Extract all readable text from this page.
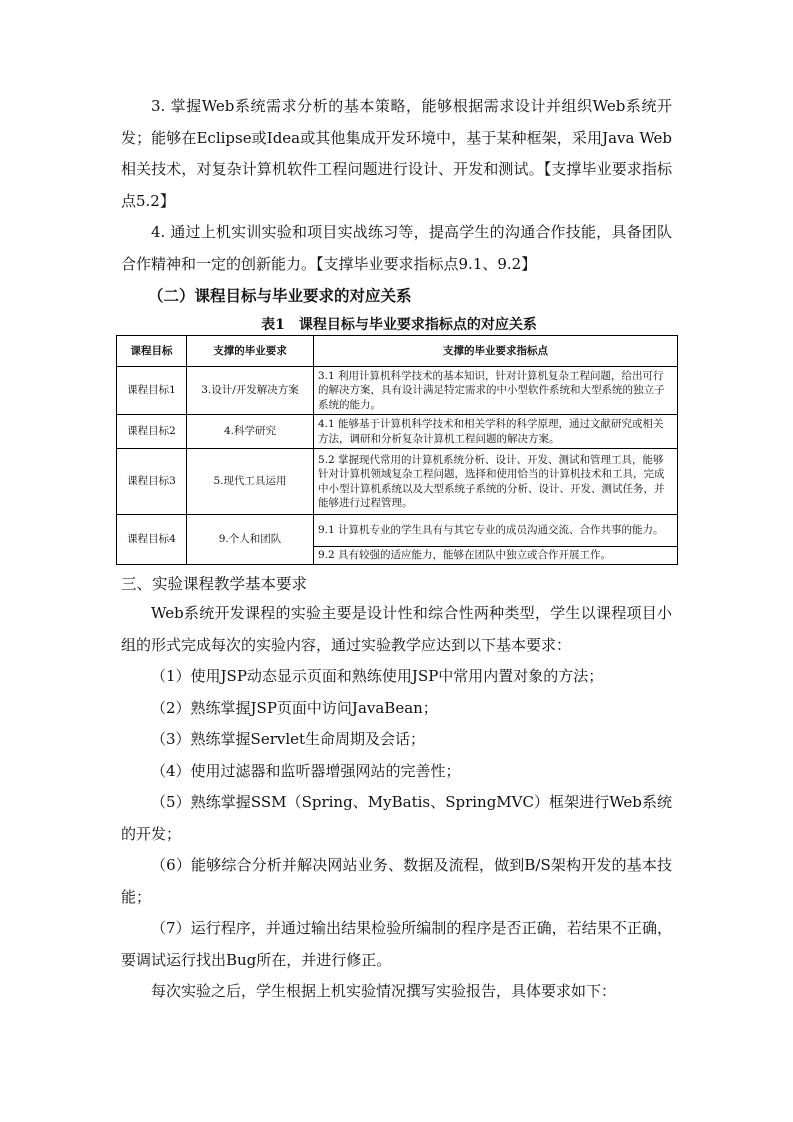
3. 掌握Web系统需求分析的基本策略，能够根据需求设计并组织Web系统开发；能够在Eclipse或Idea或其他集成开发环境中，基于某种框架，采用Java Web相关技术，对复杂计算机软件工程问题进行设计、开发和测试。【支撑毕业要求指标点5.2】

4. 通过上机实训实验和项目实战练习等，提高学生的沟通合作技能，具备团队合作精神和一定的创新能力。【支撑毕业要求指标点9.1、9.2】

（二）课程目标与毕业要求的对应关系

表1　课程目标与毕业要求指标点的对应关系
课程目标	支撑的毕业要求	支撑的毕业要求指标点
课程目标1	3.设计/开发解决方案	3.1 利用计算机科学技术的基本知识，针对计算机复杂工程问题，给出可行的解决方案，具有设计满足特定需求的中小型软件系统和大型系统的独立子系统的能力。
课程目标2	4.科学研究	4.1 能够基于计算机科学技术和相关学科的科学原理，通过文献研究或相关方法，调研和分析复杂计算机工程问题的解决方案。
课程目标3	5.现代工具运用	5.2 掌握现代常用的计算机系统分析、设计、开发、测试和管理工具，能够针对计算机领域复杂工程问题，选择和使用恰当的计算机技术和工具，完成中小型计算机系统以及大型系统子系统的分析、设计、开发、测试任务，并能够进行过程管理。
课程目标4	9.个人和团队	9.1 计算机专业的学生具有与其它专业的成员沟通交流、合作共事的能力。
		9.2 具有较强的适应能力，能够在团队中独立或合作开展工作。

三、实验课程教学基本要求

Web系统开发课程的实验主要是设计性和综合性两种类型，学生以课程项目小组的形式完成每次的实验内容，通过实验教学应达到以下基本要求：

（1）使用JSP动态显示页面和熟练使用JSP中常用内置对象的方法；
（2）熟练掌握JSP页面中访问JavaBean；
（3）熟练掌握Servlet生命周期及会话；
（4）使用过滤器和监听器增强网站的完善性；
（5）熟练掌握SSM（Spring、MyBatis、SpringMVC）框架进行Web系统的开发；
（6）能够综合分析并解决网站业务、数据及流程，做到B/S架构开发的基本技能；
（7）运行程序，并通过输出结果检验所编制的程序是否正确，若结果不正确，要调试运行找出Bug所在，并进行修正。

每次实验之后，学生根据上机实验情况撰写实验报告，具体要求如下：
